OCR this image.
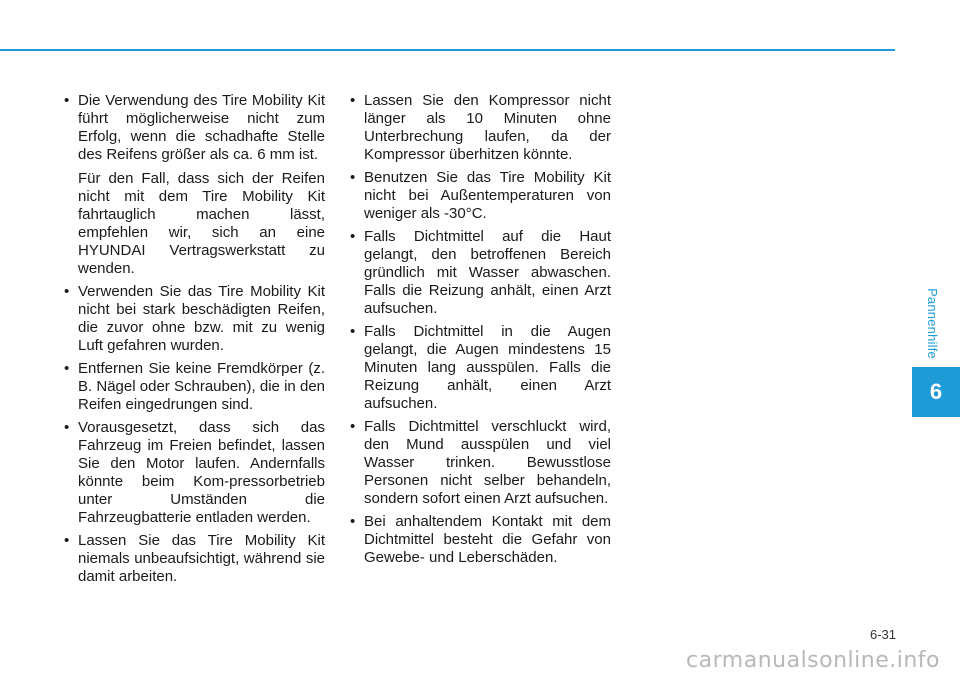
• Die Verwendung des Tire Mobility Kit führt möglicherweise nicht zum Erfolg, wenn die schadhafte Stelle des Reifens größer als ca. 6 mm ist.

Für den Fall, dass sich der Reifen nicht mit dem Tire Mobility Kit fahrtauglich machen lässt, empfehlen wir, sich an eine HYUNDAI Vertragswerkstatt zu wenden.

• Verwenden Sie das Tire Mobility Kit nicht bei stark beschädigten Reifen, die zuvor ohne bzw. mit zu wenig Luft gefahren wurden.

• Entfernen Sie keine Fremdkörper (z. B. Nägel oder Schrauben), die in den Reifen eingedrungen sind.

• Vorausgesetzt, dass sich das Fahrzeug im Freien befindet, lassen Sie den Motor laufen. Andernfalls könnte beim Kom-pressorbetrieb unter Umständen die Fahrzeugbatterie entladen werden.

• Lassen Sie das Tire Mobility Kit niemals unbeaufsichtigt, während sie damit arbeiten.

• Lassen Sie den Kompressor nicht länger als 10 Minuten ohne Unterbrechung laufen, da der Kompressor überhitzen könnte.

• Benutzen Sie das Tire Mobility Kit nicht bei Außentemperaturen von weniger als -30°C.

• Falls Dichtmittel auf die Haut gelangt, den betroffenen Bereich gründlich mit Wasser abwaschen. Falls die Reizung anhält, einen Arzt aufsuchen.

• Falls Dichtmittel in die Augen gelangt, die Augen mindestens 15 Minuten lang ausspülen. Falls die Reizung anhält, einen Arzt aufsuchen.

• Falls Dichtmittel verschluckt wird, den Mund ausspülen und viel Wasser trinken. Bewusstlose Personen nicht selber behandeln, sondern sofort einen Arzt aufsuchen.

• Bei anhaltendem Kontakt mit dem Dichtmittel besteht die Gefahr von Gewebe- und Leberschäden.

Pannenhilfe
6
6-31
carmanualsonline.info
